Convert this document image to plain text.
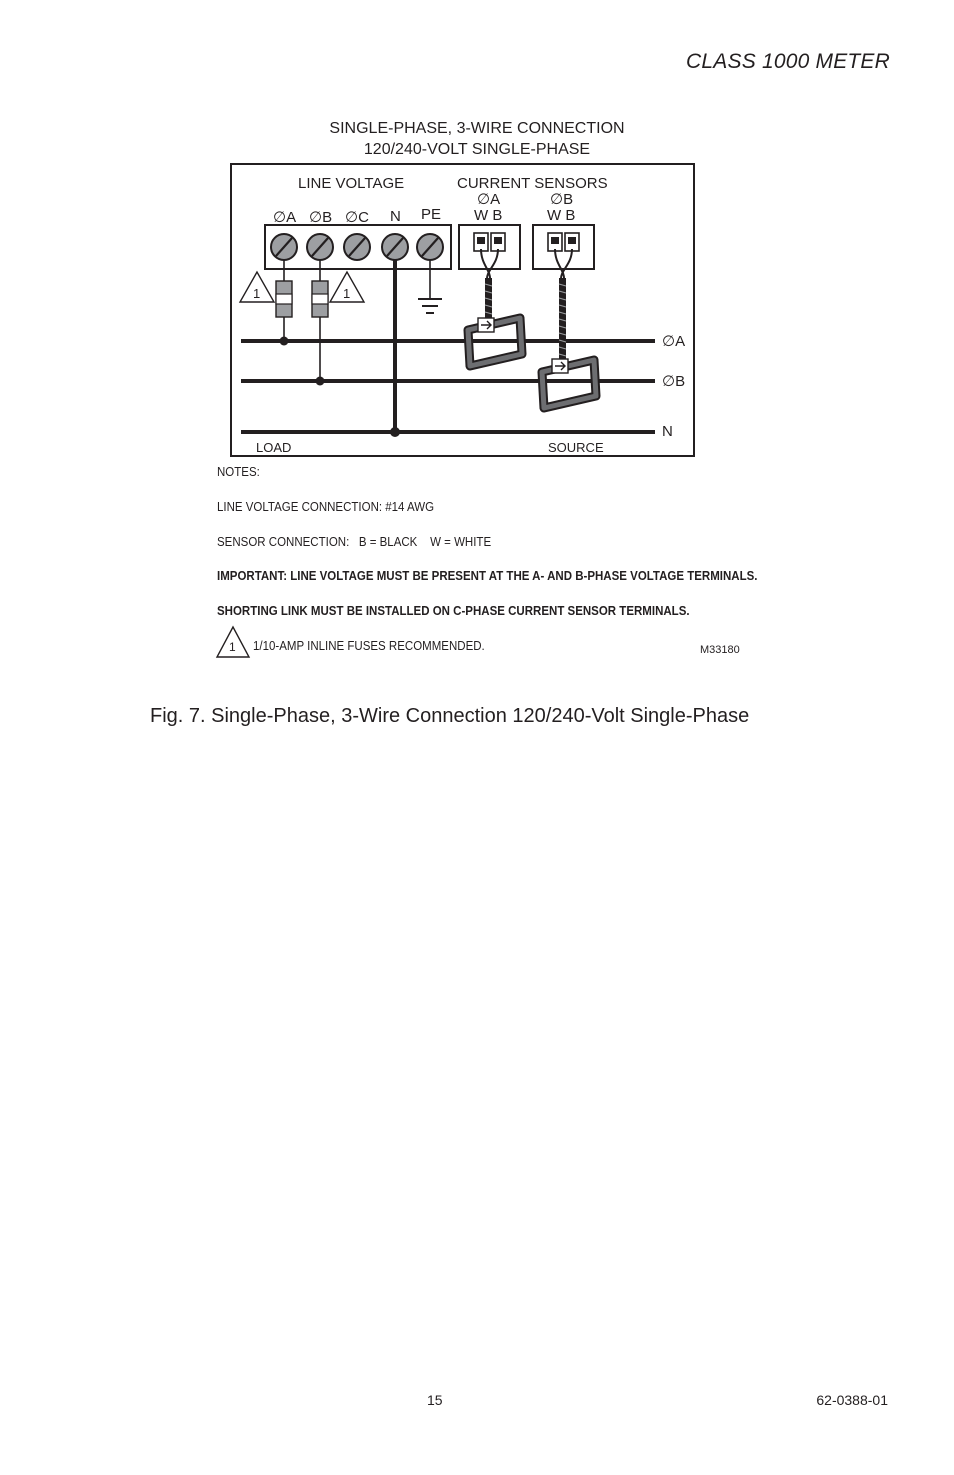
CLASS 1000 METER
SINGLE-PHASE, 3-WIRE CONNECTION
120/240-VOLT SINGLE-PHASE
LINE VOLTAGE	CURRENT SENSORS
∅A	∅B
W B	W B
∅A ∅B ∅C N PE
1	1
∅A
∅B
N
LOAD	SOURCE
NOTES:
LINE VOLTAGE CONNECTION: #14 AWG
SENSOR CONNECTION:   B = BLACK    W = WHITE
IMPORTANT: LINE VOLTAGE MUST BE PRESENT AT THE A- AND B-PHASE VOLTAGE TERMINALS.
SHORTING LINK MUST BE INSTALLED ON C-PHASE CURRENT SENSOR TERMINALS.
1 1/10-AMP INLINE FUSES RECOMMENDED.	M33180
Fig. 7. Single-Phase, 3-Wire Connection 120/240-Volt Single-Phase
15	62-0388-01
